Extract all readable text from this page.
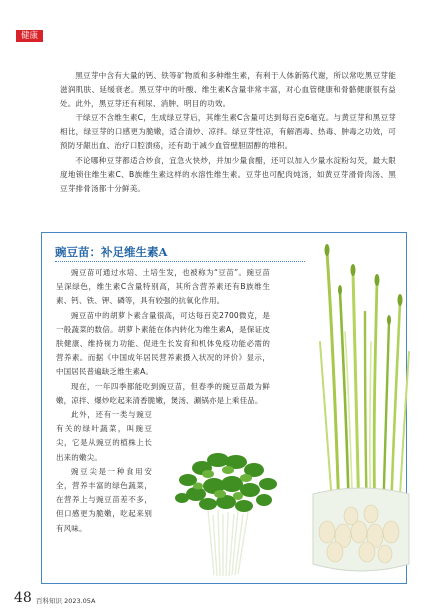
健康

黑豆芽中含有大量的钙、铁等矿物质和多种维生素，有利于人体新陈代谢，所以常吃黑豆芽能滋润肌肤、延缓衰老。黑豆芽中的叶酸、维生素K含量非常丰富，对心血管健康和骨骼健康很有益处。此外，黑豆芽还有利尿、消肿、明目的功效。

干绿豆不含维生素C，生成绿豆芽后，其维生素C含量可达到每百克6毫克。与黄豆芽和黑豆芽相比，绿豆芽的口感更为脆嫩，适合清炒、凉拌。绿豆芽性凉，有解酒毒、热毒、肿毒之功效，可预防牙龈出血、治疗口腔溃疡，还有助于减少血管壁胆固醇的堆积。

不论哪种豆芽都适合炒食，宜急火快炒，并加少量食醋，还可以加入少量水淀粉勾芡，最大限度地锁住维生素C、B族维生素这样的水溶性维生素。豆芽也可配肉炖汤，如黄豆芽滑骨肉汤、黑豆芽排骨汤都十分鲜美。

豌豆苗：补足维生素A

豌豆苗可通过水培、土培生发，也被称为“豆苗”。豌豆苗呈深绿色，维生素C含量特别高，其所含营养素还有B族维生素、钙、铁、钾、磷等，具有较强的抗氧化作用。

豌豆苗中的胡萝卜素含量很高，可达每百克2700微克，是一般蔬菜的数倍。胡萝卜素能在体内转化为维生素A，是保证皮肤健康、维持视力功能、促进生长发育和机体免疫功能必需的营养素。而据《中国成年居民营养素摄入状况的评价》显示，中国居民普遍缺乏维生素A。

现在，一年四季都能吃到豌豆苗，但春季的豌豆苗最为鲜嫩，凉拌、爆炒吃起来清香脆嫩，煲汤、涮锅亦是上乘佳品。

此外，还有一类与豌豆有关的绿叶蔬菜，叫豌豆尖，它是从豌豆的植株上长出来的嫩尖。

豌豆尖是一种食用安全，营养丰富的绿色蔬菜，在营养上与豌豆苗差不多，但口感更为脆嫩，吃起来别有风味。

48 百科知识 2023.05A
